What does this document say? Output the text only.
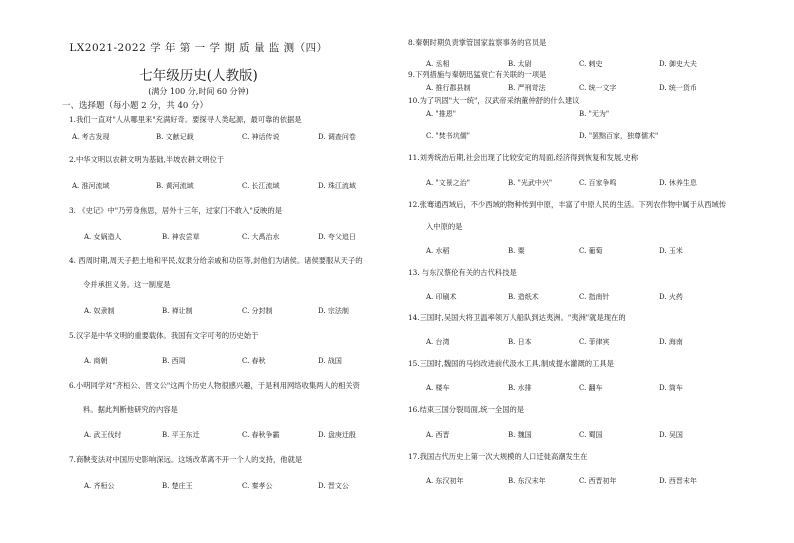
LX2021-2022 学 年 第 一 学 期 质 量 监 测（四）
七年级历史(人教版)
(满分 100 分,时间 60 分钟)
一、选择题（每小题 2 分，共 40 分）
1.我们一直对"人从哪里来"充满好奇。要探寻人类起源，最可靠的依据是
A. 考古发现	B. 文献记载	C. 神话传说	D. 调查问卷
2.中华文明以农耕文明为基础,半坡农耕文明位于
A. 淮河流域	B. 黄河流域	C. 长江流域	D. 珠江流域
3. 《史记》中"乃劳身焦思，居外十三年，过家门不敢入"反映的是
A. 女娲造人	B. 神农尝草	C. 大禹治水	D. 夸父追日
4. 西周时期,周天子把土地和平民,奴隶分给亲戚和功臣等,封他们为诸侯。诸侯要服从天子的
令并承担义务。这一制度是
A. 奴隶制	B. 禅让制	C. 分封制	D. 宗法制
5.汉字是中华文明的重要载体。我国有文字可考的历史始于
A. 商朝	B. 西周	C. 春秋	D. 战国
6.小明同学对"齐桓公、晋文公"这两个历史人物很感兴趣，于是利用网络收集两人的相关资
料。据此判断他研究的内容是
A. 武王伐纣	B. 平王东迁	C. 春秋争霸	D. 盘庚迁殷
7.商鞅变法对中国历史影响深远。这场改革离不开一个人的支持，他就是
A. 齐桓公	B. 楚庄王	C. 秦孝公	D. 晋文公
8.秦朝时期负责掌管国家监察事务的官员是
A. 丞相	B. 太尉	C. 刺史	D. 御史大夫
9.下列措施与秦朝迅猛衰亡有关联的一项是
A. 推行郡县制	B. 严刑苛法	C. 统一文字	D. 统一货币
10.为了巩固"大一统"，汉武帝采纳董仲舒的什么建议
A. "推恩"	B. "无为"
C. "焚书坑儒"	D. "罢黜百家，独尊儒术"
11.刘秀统治后期,社会出现了比较安定的局面,经济得到恢复和发展,史称
A. "文景之治"	B. "光武中兴"	C. 百家争鸣	D. 休养生息
12.张骞通西域后，不少西域的物种传到中原，丰富了中原人民的生活。下列农作物中属于从西域传
入中原的是
A. 水稻	B. 粟	C. 葡萄	D. 玉米
13. 与东汉蔡伦有关的古代科技是
A. 印刷术	B. 造纸术	C. 指南针	D. 火药
14.三国时,吴国大将卫温率领万人船队到达夷洲。"夷洲"就是现在的
A. 台湾	B. 日本	C. 菲律宾	D. 海南
15.三国时,魏国的马钧改进前代汲水工具,制成提水灌溉的工具是
A. 楼车	B. 水排	C. 翻车	D. 筒车
16.结束三国分裂局面,统一全国的是
A. 西晋	B. 魏国	C. 蜀国	D. 吴国
17.我国古代历史上第一次大规模的人口迁徙高潮发生在
A. 东汉初年	B. 东汉末年	C. 西晋初年	D. 西晋末年
